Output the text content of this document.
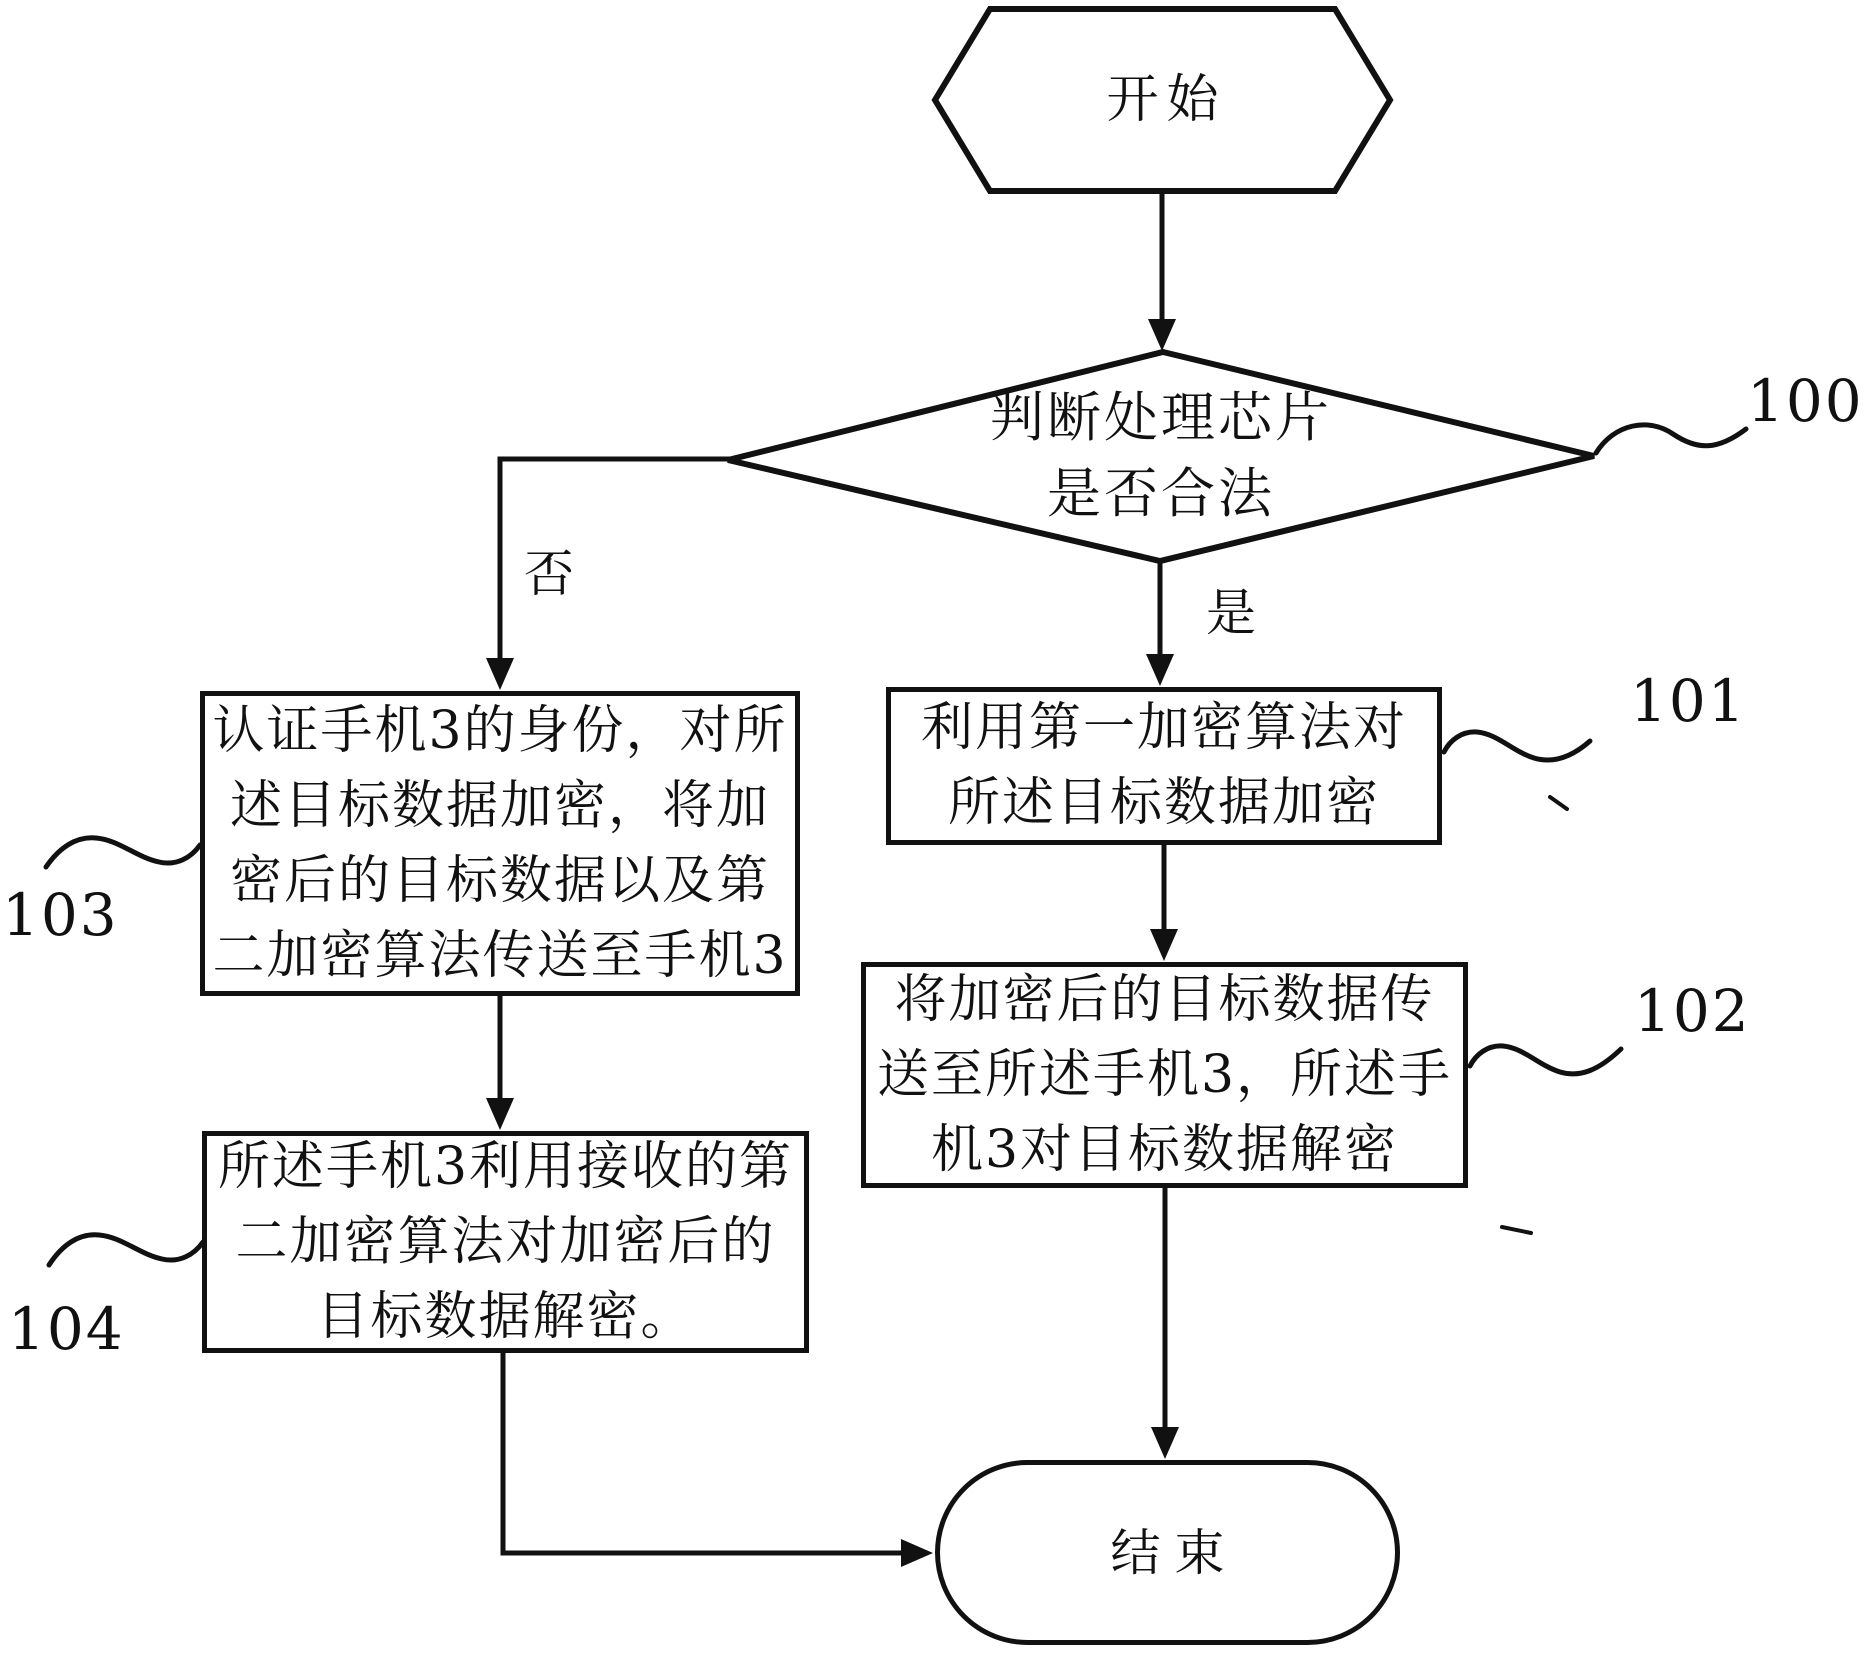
开始
判断处理芯片
是否合法
否
是
利用第一加密算法对
所述目标数据加密
将加密后的目标数据传
送至所述手机3，所述手
机3对目标数据解密
认证手机3的身份，对所
述目标数据加密，将加
密后的目标数据以及第
二加密算法传送至手机3
所述手机3利用接收的第
二加密算法对加密后的
目标数据解密。
结束
100
101
102
103
104
